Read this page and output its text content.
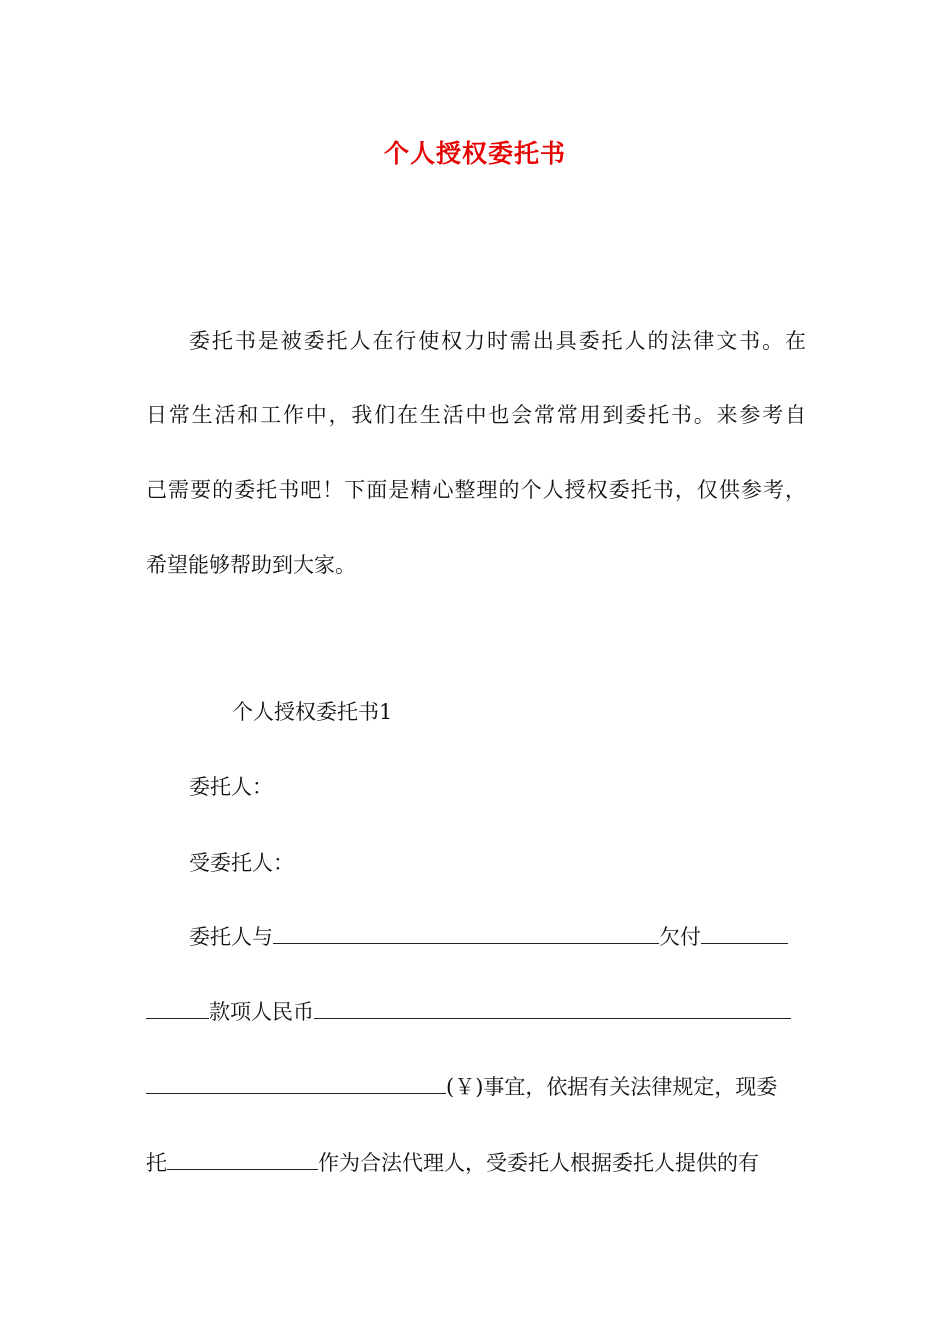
个人授权委托书
委托书是被委托人在行使权力时需出具委托人的法律文书。在
日常生活和工作中，我们在生活中也会常常用到委托书。来参考自
己需要的委托书吧！下面是精心整理的个人授权委托书，仅供参考，
希望能够帮助到大家。
个人授权委托书1
委托人：
受委托人：
委托人与	欠付
款项人民币
(￥)事宜，依据有关法律规定，现委
托	作为合法代理人，受委托人根据委托人提供的有
